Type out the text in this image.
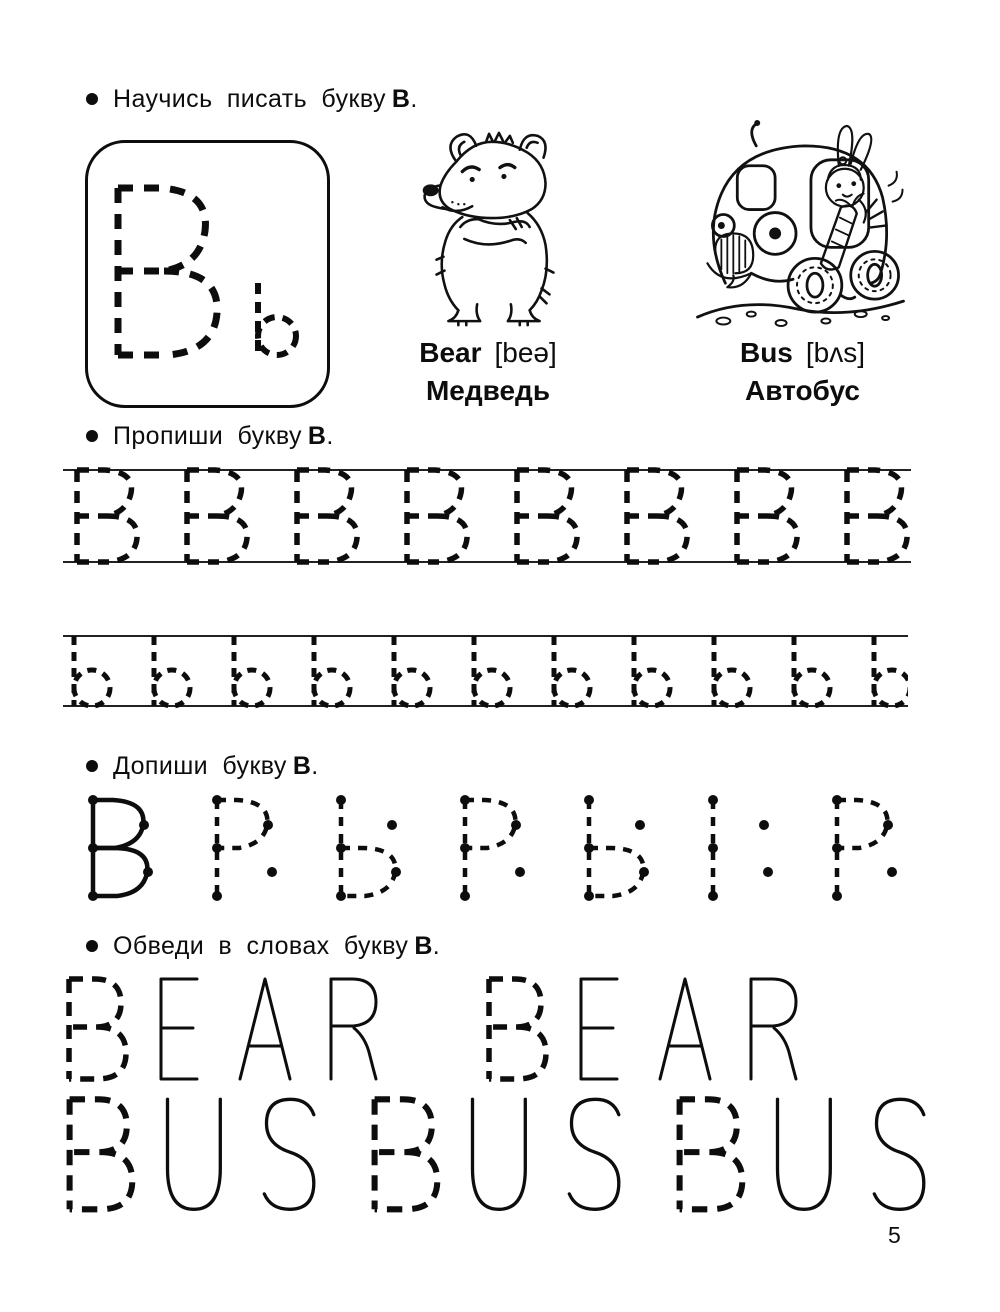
Научись писать букву В .
Bear [beə]
Медведь
Bus [bʌs]
Автобус
Пропиши букву В .
Допиши букву В .
Обведи в словах букву В .
5
